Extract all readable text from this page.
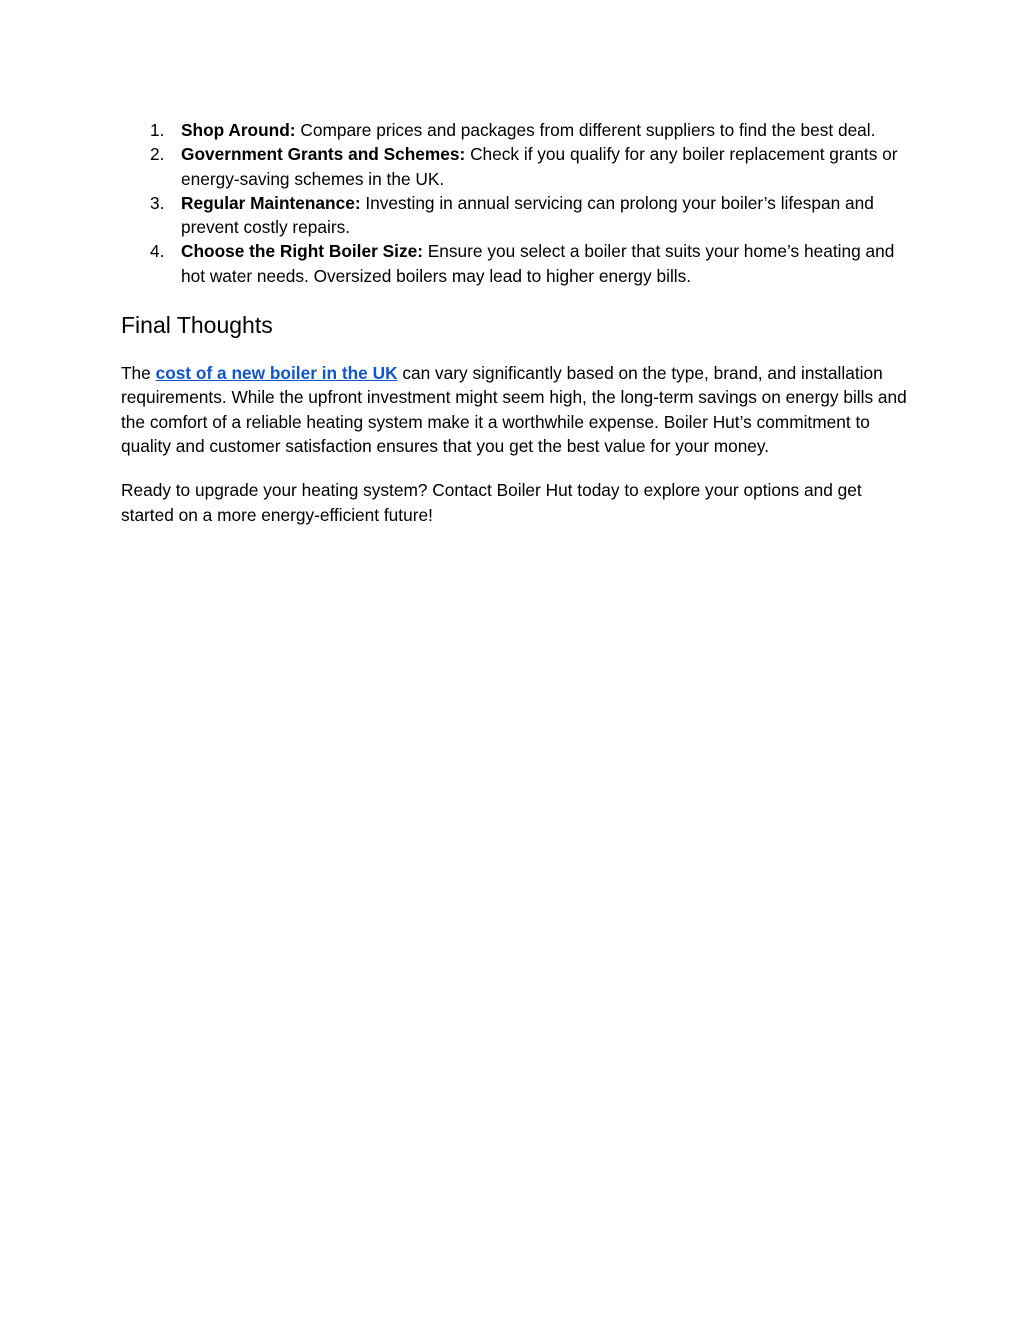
1. Shop Around: Compare prices and packages from different suppliers to find the best deal.
2. Government Grants and Schemes: Check if you qualify for any boiler replacement grants or energy-saving schemes in the UK.
3. Regular Maintenance: Investing in annual servicing can prolong your boiler’s lifespan and prevent costly repairs.
4. Choose the Right Boiler Size: Ensure you select a boiler that suits your home’s heating and hot water needs. Oversized boilers may lead to higher energy bills.
Final Thoughts

The cost of a new boiler in the UK can vary significantly based on the type, brand, and installation requirements. While the upfront investment might seem high, the long-term savings on energy bills and the comfort of a reliable heating system make it a worthwhile expense. Boiler Hut’s commitment to quality and customer satisfaction ensures that you get the best value for your money.

Ready to upgrade your heating system? Contact Boiler Hut today to explore your options and get started on a more energy-efficient future!
